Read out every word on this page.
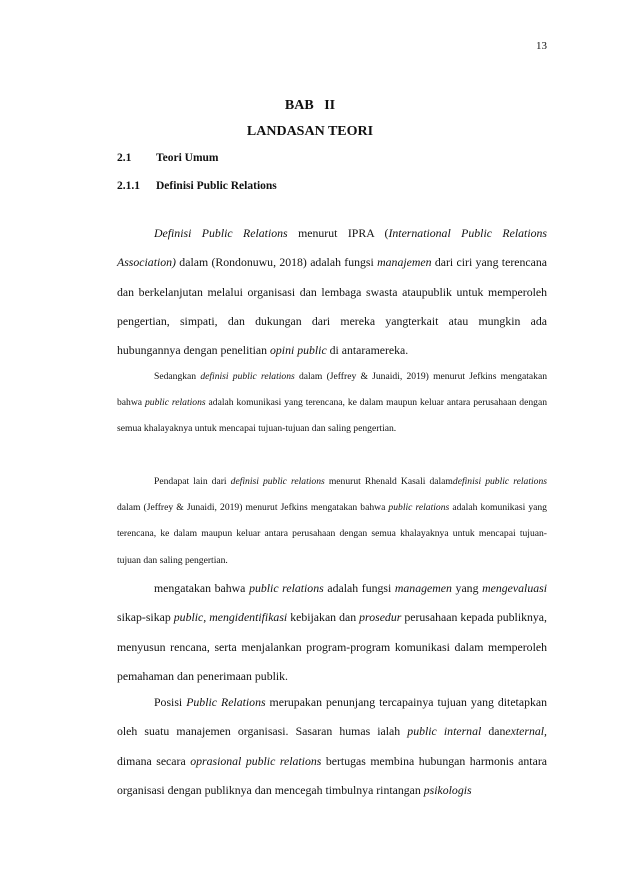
13
BAB   II
LANDASAN TEORI
2.1 Teori Umum
2.1.1 Definisi Public Relations

Definisi Public Relations menurut IPRA (International Public Relations Association) dalam (Rondonuwu, 2018) adalah fungsi manajemen dari ciri yang terencana dan berkelanjutan melalui organisasi dan lembaga swasta ataupublik untuk memperoleh pengertian, simpati, dan dukungan dari mereka yangterkait atau mungkin ada hubungannya dengan penelitian opini public di antaramereka.

Sedangkan definisi public relations dalam (Jeffrey & Junaidi, 2019) menurut Jefkins mengatakan bahwa public relations adalah komunikasi yang terencana, ke dalam maupun keluar antara perusahaan dengan semua khalayaknya untuk mencapai tujuan-tujuan dan saling pengertian.

Pendapat lain dari definisi public relations menurut Rhenald Kasali dalamdefinisi public relations dalam (Jeffrey & Junaidi, 2019) menurut Jefkins mengatakan bahwa public relations adalah komunikasi yang terencana, ke dalam maupun keluar antara perusahaan dengan semua khalayaknya untuk mencapai tujuan-tujuan dan saling pengertian.

mengatakan bahwa public relations adalah fungsi managemen yang mengevaluasi sikap-sikap public, mengidentifikasi kebijakan dan prosedur perusahaan kepada publiknya, menyusun rencana, serta menjalankan program-program komunikasi dalam memperoleh pemahaman dan penerimaan publik.

Posisi Public Relations merupakan penunjang tercapainya tujuan yang ditetapkan oleh suatu manajemen organisasi. Sasaran humas ialah public internal danexternal, dimana secara oprasional public relations bertugas membina hubungan harmonis antara organisasi dengan publiknya dan mencegah timbulnya rintangan psikologis
